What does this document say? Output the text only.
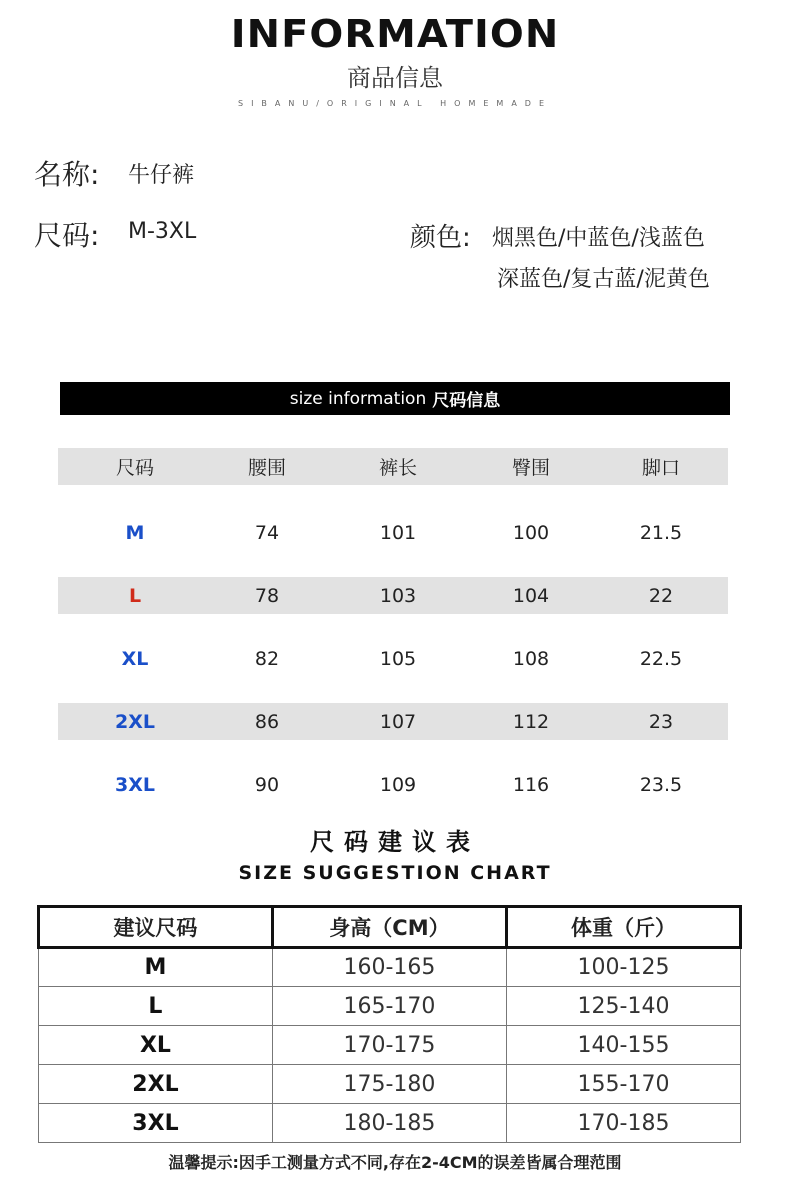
INFORMATION
商品信息
SIBANU/ORIGINAL HOMEMADE
名称: 牛仔裤
尺码: M-3XL	颜色: 烟黑色/中蓝色/浅蓝色
深蓝色/复古蓝/泥黄色
size information 尺码信息
尺码	腰围	裤长	臀围	脚口
M	74	101	100	21.5
L	78	103	104	22
XL	82	105	108	22.5
2XL	86	107	112	23
3XL	90	109	116	23.5
尺码建议表
SIZE SUGGESTION CHART
建议尺码	身高（CM）	体重（斤）
M	160-165	100-125
L	165-170	125-140
XL	170-175	140-155
2XL	175-180	155-170
3XL	180-185	170-185
温馨提示:因手工测量方式不同,存在2-4CM的误差皆属合理范围
